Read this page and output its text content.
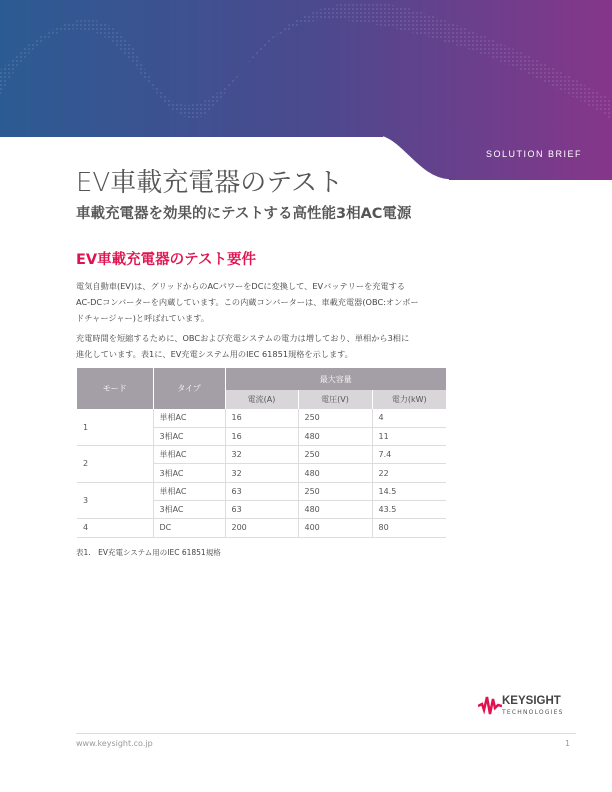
SOLUTION BRIEF
EV車載充電器のテスト
車載充電器を効果的にテストする高性能3相AC電源
EV車載充電器のテスト要件
電気自動車(EV)は、グリッドからのACパワーをDCに変換して、EVバッテリーを充電する
AC-DCコンバーターを内蔵しています。この内蔵コンバーターは、車載充電器(OBC:オンボー
ドチャージャー)と呼ばれています。
充電時間を短縮するために、OBCおよび充電システムの電力は増しており、単相から3相に
進化しています。表1に、EV充電システム用のIEC 61851規格を示します。
モード	タイプ	最大容量		
		電流(A)	電圧(V)	電力(kW)
1	単相AC	16	250	4
	3相AC	16	480	11
2	単相AC	32	250	7.4
	3相AC	32	480	22
3	単相AC	63	250	14.5
	3相AC	63	480	43.5
4	DC	200	400	80
表1.　EV充電システム用のIEC 61851規格
KEYSIGHT
TECHNOLOGIES
www.keysight.co.jp	1
